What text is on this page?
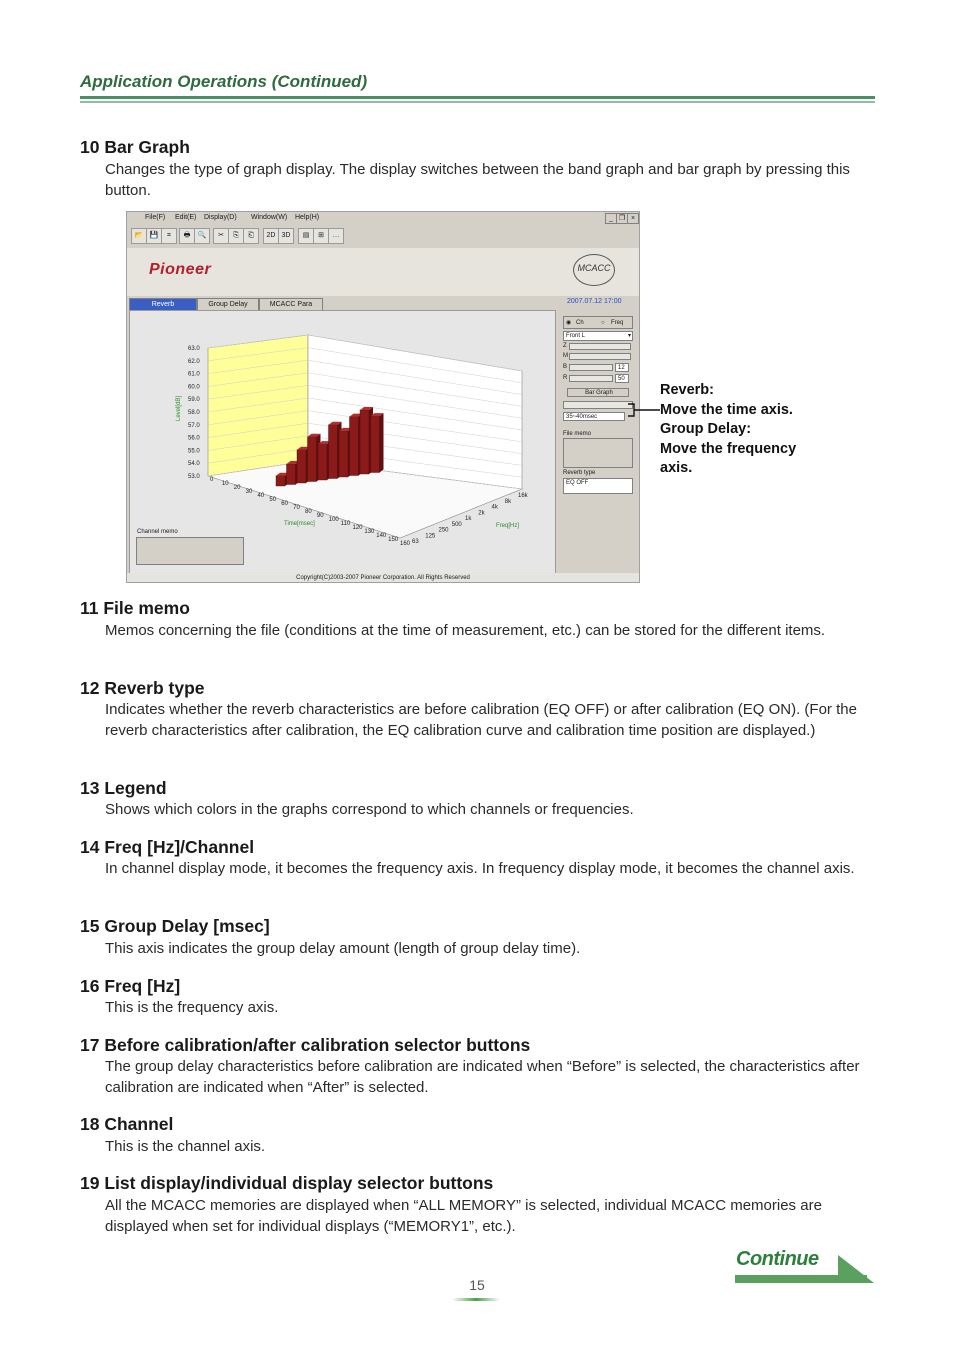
Application Operations (Continued)
10 Bar Graph
Changes the type of graph display. The display switches between the band graph and bar graph by pressing this button.
File(F) Edit(E) Display(D) Window(W) Help(H)	_ ❐ ×
📂 💾	⌗	🖶	🔍	✂	⎘	⎗	2D 3D	▤	⊞	…
Pioneer	MCACC
Reverb	Group Delay	MCACC Para	2007.07.12 17:00
63.0
62.0
61.0
60.0
59.0
58.0
57.0
56.0
55.0
54.0
53.0 0
10
20
30
40
50
60
70
80
90
100
110
120
130
140
150
160 63
125
250
500
1k
2k
4k
8k
16k
Level[dB]
Time[msec]	Freq[Hz]
Channel memo
◉ Ch	○ Freq
Front L	▾
Z
M
B	12
R	50
Bar Graph
35~40msec
File memo
Reverb type
EQ OFF
Copyright(C)2003-2007 Pioneer Corporation. All Rights Reserved
Reverb:
Move the time axis.
Group Delay:
Move the frequency
axis.
11 File memo
Memos concerning the file (conditions at the time of measurement, etc.) can be stored for the different items.
12 Reverb type
Indicates whether the reverb characteristics are before calibration (EQ OFF) or after calibration (EQ ON). (For the reverb characteristics after calibration, the EQ calibration curve and calibration time position are displayed.)
13 Legend
Shows which colors in the graphs correspond to which channels or frequencies.
14 Freq [Hz]/Channel
In channel display mode, it becomes the frequency axis. In frequency display mode, it becomes the channel axis.
15 Group Delay [msec]
This axis indicates the group delay amount (length of group delay time).
16 Freq [Hz]
This is the frequency axis.
17 Before calibration/after calibration selector buttons
The group delay characteristics before calibration are indicated when “Before” is selected, the characteristics after calibration are indicated when “After” is selected.
18 Channel
This is the channel axis.
19 List display/individual display selector buttons
All the MCACC memories are displayed when “ALL MEMORY” is selected, individual MCACC memories are displayed when set for individual displays (“MEMORY1”, etc.).
Continue
15
